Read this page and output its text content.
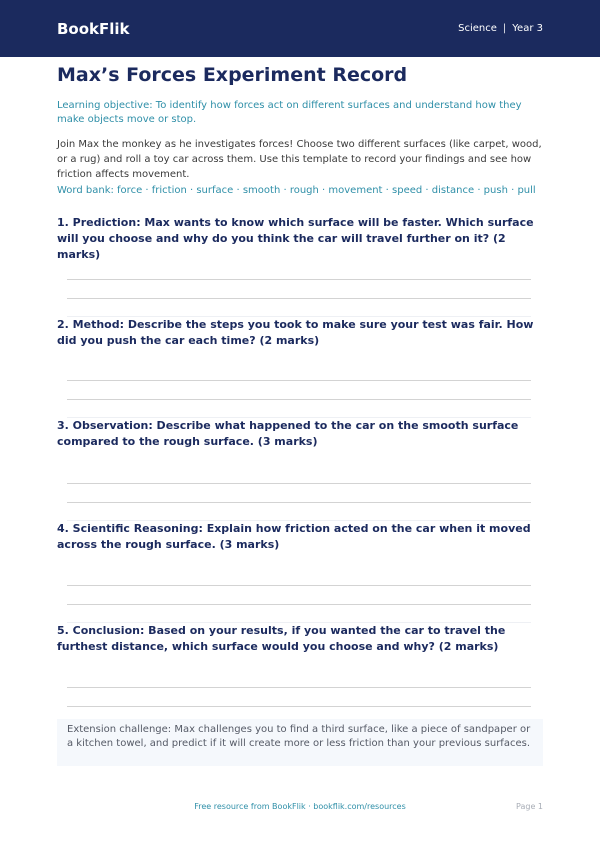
BookFlik	Science | Year 3
Max’s Forces Experiment Record
Learning objective: To identify how forces act on different surfaces and understand how they make objects move or stop.
Join Max the monkey as he investigates forces! Choose two different surfaces (like carpet, wood, or a rug) and roll a toy car across them. Use this template to record your findings and see how friction affects movement.
Word bank: force · friction · surface · smooth · rough · movement · speed · distance · push · pull
1. Prediction: Max wants to know which surface will be faster. Which surface will you choose and why do you think the car will travel further on it? (2 marks)
2. Method: Describe the steps you took to make sure your test was fair. How did you push the car each time? (2 marks)
3. Observation: Describe what happened to the car on the smooth surface compared to the rough surface. (3 marks)
4. Scientific Reasoning: Explain how friction acted on the car when it moved across the rough surface. (3 marks)
5. Conclusion: Based on your results, if you wanted the car to travel the furthest distance, which surface would you choose and why? (2 marks)
Extension challenge: Max challenges you to find a third surface, like a piece of sandpaper or a kitchen towel, and predict if it will create more or less friction than your previous surfaces.
Free resource from BookFlik · bookflik.com/resources	Page 1
